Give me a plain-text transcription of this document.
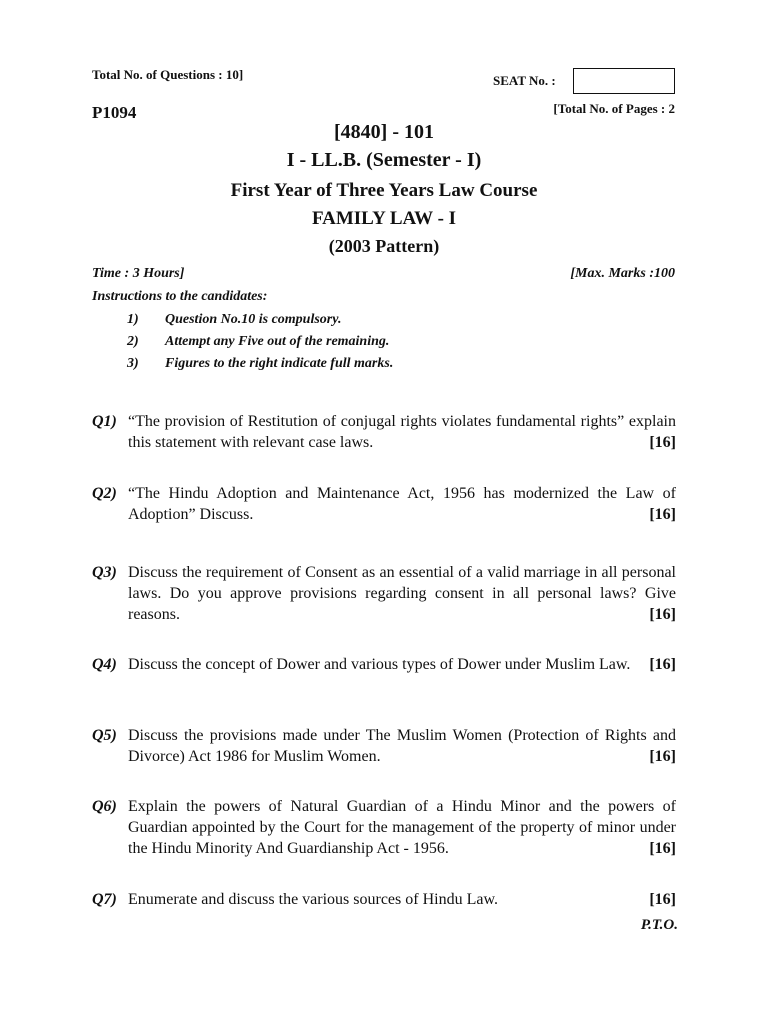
Total No. of Questions : 10]	SEAT No. :
P1094	[Total No. of Pages : 2
[4840] - 101
I - LL.B. (Semester - I)
First Year of Three Years Law Course
FAMILY LAW - I
(2003 Pattern)
Time : 3 Hours]	[Max. Marks :100
Instructions to the candidates:
1) Question No.10 is compulsory.
2) Attempt any Five out of the remaining.
3) Figures to the right indicate full marks.
Q1) “The provision of Restitution of conjugal rights violates fundamental rights” explain this statement with relevant case laws.	[16]
Q2) “The Hindu Adoption and Maintenance Act, 1956 has modernized the Law of Adoption” Discuss.	[16]
Q3) Discuss the requirement of Consent as an essential of a valid marriage in all personal laws. Do you approve provisions regarding consent in all personal laws? Give reasons.	[16]
Q4) Discuss the concept of Dower and various types of Dower under Muslim Law. [16]
Q5) Discuss the provisions made under The Muslim Women (Protection of Rights and Divorce) Act 1986 for Muslim Women.	[16]
Q6) Explain the powers of Natural Guardian of a Hindu Minor and the powers of Guardian appointed by the Court for the management of the property of minor under the Hindu Minority And Guardianship Act - 1956.	[16]
Q7) Enumerate and discuss the various sources of Hindu Law.	[16]
P.T.O.
